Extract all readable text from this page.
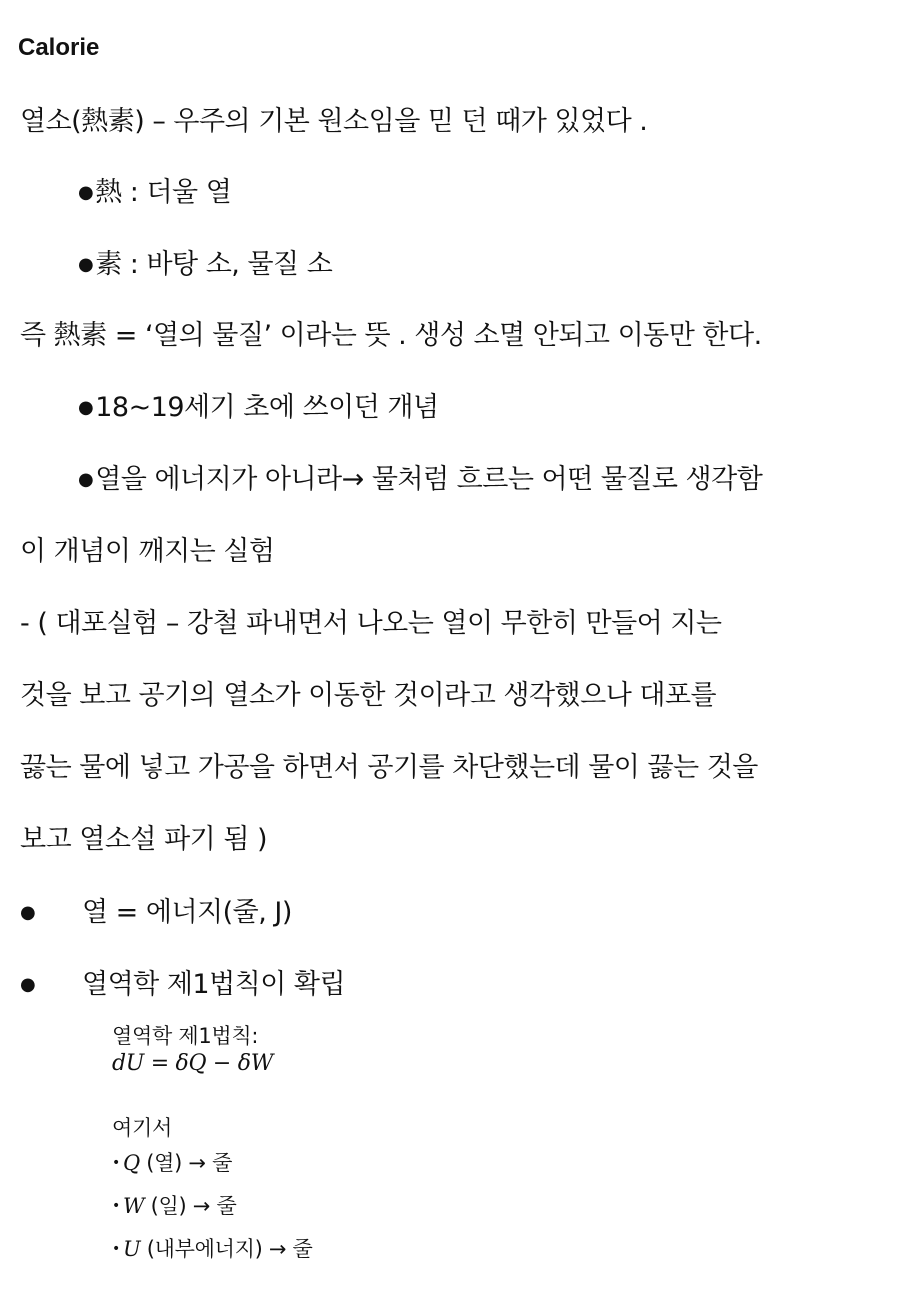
Calorie
열소(熱素) – 우주의 기본 원소임을 믿 던 때가 있었다 .
●熱 : 더울 열
●素 : 바탕 소, 물질 소
즉 熱素 = ‘열의 물질’ 이라는 뜻 . 생성 소멸 안되고 이동만 한다.
●18~19세기 초에 쓰이던 개념
●열을 에너지가 아니라→ 물처럼 흐르는 어떤 물질로 생각함
이 개념이 깨지는 실험
- ( 대포실험 – 강철 파내면서 나오는 열이 무한히 만들어 지는
것을 보고 공기의 열소가 이동한 것이라고 생각했으나 대포를
끓는 물에 넣고 가공을 하면서 공기를 차단했는데 물이 끓는 것을
보고 열소설 파기 됨 )
● 열 = 에너지(줄, J)
● 열역학 제1법칙이 확립
열역학 제1법칙:
dU = δQ − δW
여기서
• Q (열) → 줄
• W (일) → 줄
• U (내부에너지) → 줄
